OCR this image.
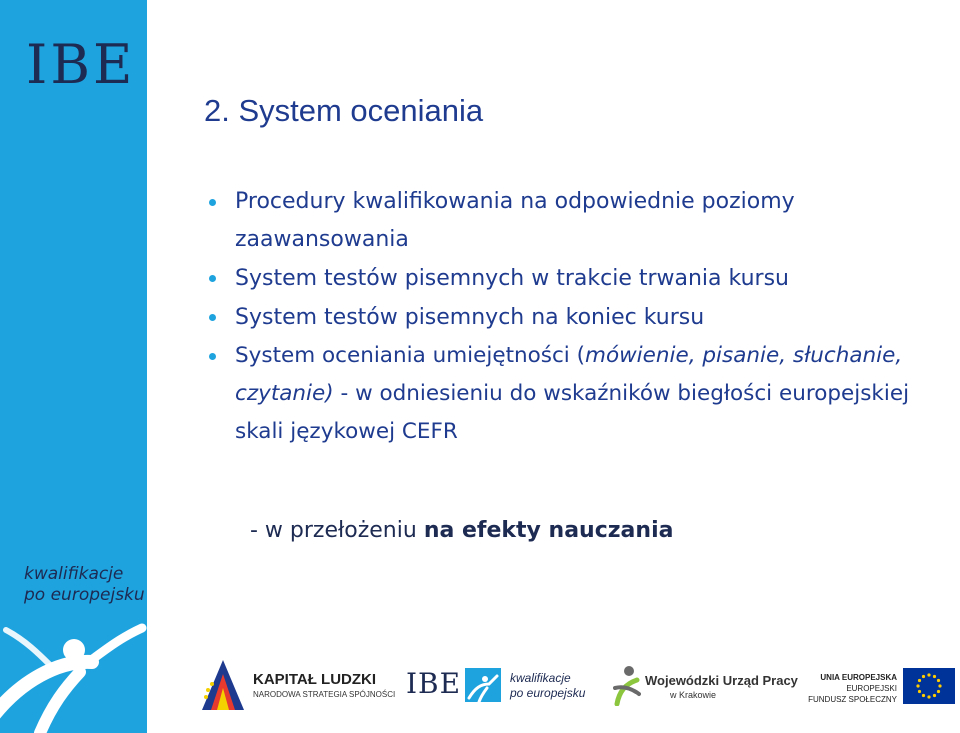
IBE
kwalifikacje
po europejsku
2. System oceniania
Procedury kwalifikowania na odpowiednie poziomy zaawansowania
System testów pisemnych w trakcie trwania kursu
System testów pisemnych na koniec kursu
System oceniania umiejętności (mówienie, pisanie, słuchanie, czytanie) - w odniesieniu do wskaźników biegłości europejskiej skali językowej CEFR
- w przełożeniu na efekty nauczania
KAPITAŁ LUDZKI
NARODOWA STRATEGIA SPÓJNOŚCI IBE	kwalifikacje
po europejsku
Wojewódzki Urząd Pracy
w Krakowie
UNIA EUROPEJSKA
EUROPEJSKI
FUNDUSZ SPOŁECZNY
